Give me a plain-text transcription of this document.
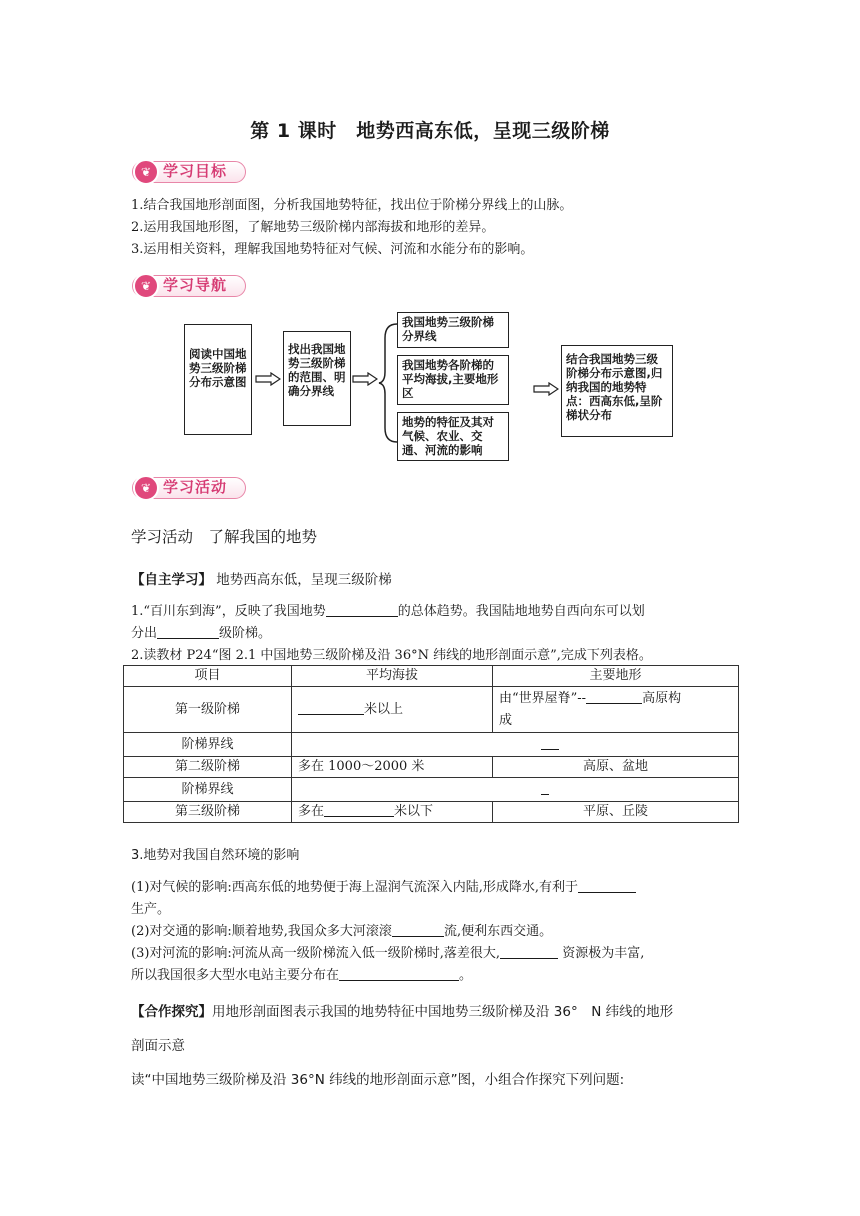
第 1 课时　地势西高东低，呈现三级阶梯
❦ 学习目标
1.结合我国地形剖面图，分析我国地势特征，找出位于阶梯分界线上的山脉。
2.运用我国地形图，了解地势三级阶梯内部海拔和地形的差异。
3.运用相关资料，理解我国地势特征对气候、河流和水能分布的影响。
❦ 学习导航
阅读中国地势三级阶梯分布示意图
找出我国地势三级阶梯的范围、明确分界线
我国地势三级阶梯分界线
我国地势各阶梯的平均海拔,主要地形区
地势的特征及其对气候、农业、交通、河流的影响
结合我国地势三级阶梯分布示意图,归纳我国的地势特点：西高东低,呈阶梯状分布
❦ 学习活动
学习活动　了解我国的地势
【自主学习】 地势西高东低，呈现三级阶梯
1.“百川东到海”，反映了我国地势	的总体趋势。我国陆地地势自西向东可以划
分出	级阶梯。
2.读教材 P24“图 2.1 中国地势三级阶梯及沿 36°N 纬线的地形剖面示意”,完成下列表格。
项目	平均海拔	主要地形
第一级阶梯	米以上	由“世界屋脊”-- 高原构
成
阶梯界线		
第二级阶梯	多在 1000～2000 米	高原、盆地
阶梯界线		
第三级阶梯	多在 米以下	平原、丘陵
3.地势对我国自然环境的影响
(1)对气候的影响:西高东低的地势便于海上湿润气流深入内陆,形成降水,有利于
生产。
(2)对交通的影响:顺着地势,我国众多大河滚滚	流,便利东西交通。
(3)对河流的影响:河流从高一级阶梯流入低一级阶梯时,落差很大,	资源极为丰富,
所以我国很多大型水电站主要分布在	。
【合作探究】用地形剖面图表示我国的地势特征中国地势三级阶梯及沿 36°　N 纬线的地形
剖面示意
读“中国地势三级阶梯及沿 36°N 纬线的地形剖面示意”图，小组合作探究下列问题:
